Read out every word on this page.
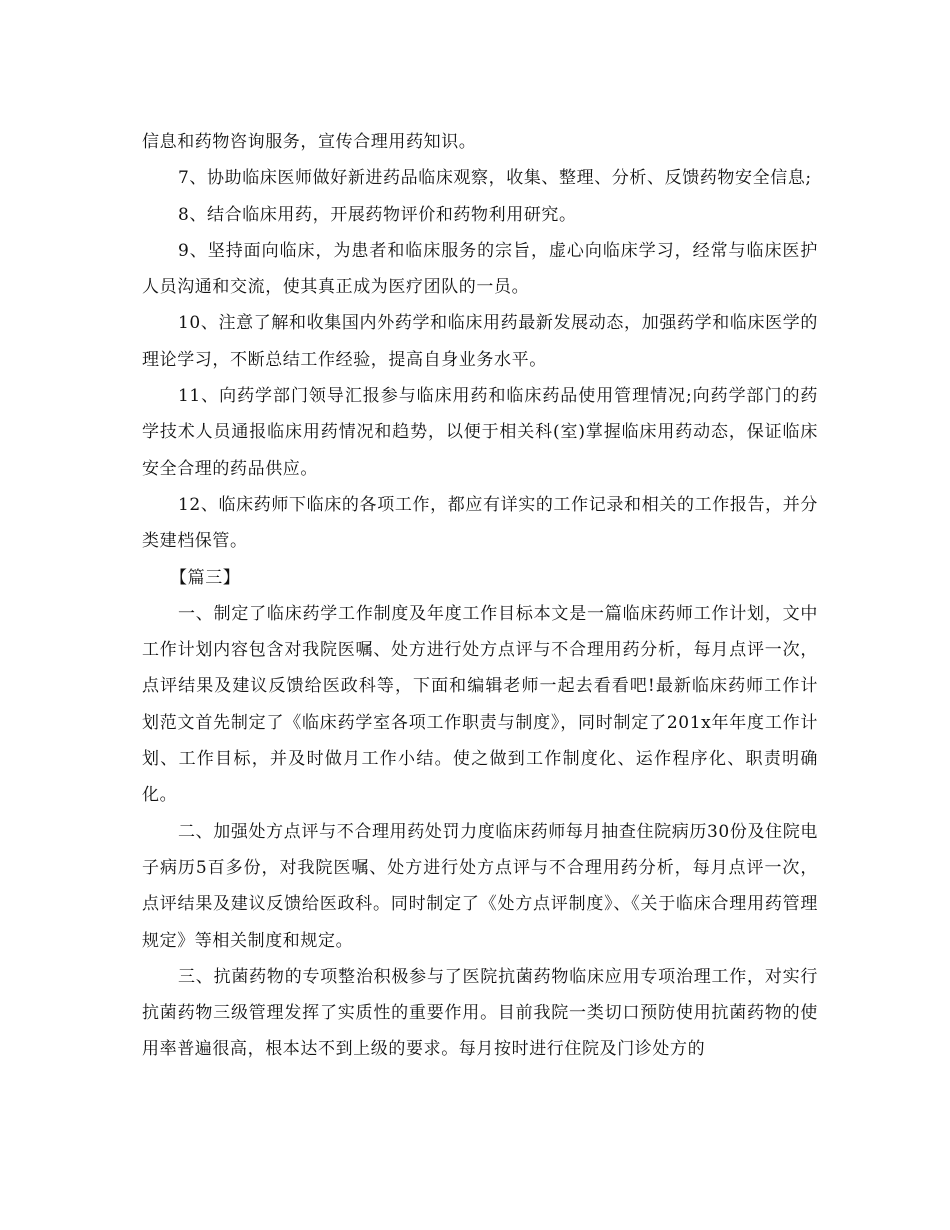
信息和药物咨询服务，宣传合理用药知识。

7、协助临床医师做好新进药品临床观察，收集、整理、分析、反馈药物安全信息;

8、结合临床用药，开展药物评价和药物利用研究。

9、坚持面向临床，为患者和临床服务的宗旨，虚心向临床学习，经常与临床医护人员沟通和交流，使其真正成为医疗团队的一员。

10、注意了解和收集国内外药学和临床用药最新发展动态，加强药学和临床医学的理论学习，不断总结工作经验，提高自身业务水平。

11、向药学部门领导汇报参与临床用药和临床药品使用管理情况;向药学部门的药学技术人员通报临床用药情况和趋势，以便于相关科(室)掌握临床用药动态，保证临床安全合理的药品供应。

12、临床药师下临床的各项工作，都应有详实的工作记录和相关的工作报告，并分类建档保管。

【篇三】

一、制定了临床药学工作制度及年度工作目标本文是一篇临床药师工作计划，文中工作计划内容包含对我院医嘱、处方进行处方点评与不合理用药分析，每月点评一次，点评结果及建议反馈给医政科等，下面和编辑老师一起去看看吧!最新临床药师工作计划范文首先制定了《临床药学室各项工作职责与制度》，同时制定了201x年年度工作计划、工作目标，并及时做月工作小结。使之做到工作制度化、运作程序化、职责明确化。

二、加强处方点评与不合理用药处罚力度临床药师每月抽查住院病历30份及住院电子病历5百多份，对我院医嘱、处方进行处方点评与不合理用药分析，每月点评一次，点评结果及建议反馈给医政科。同时制定了《处方点评制度》、《关于临床合理用药管理规定》等相关制度和规定。

三、抗菌药物的专项整治积极参与了医院抗菌药物临床应用专项治理工作，对实行抗菌药物三级管理发挥了实质性的重要作用。目前我院一类切口预防使用抗菌药物的使用率普遍很高，根本达不到上级的要求。每月按时进行住院及门诊处方的
